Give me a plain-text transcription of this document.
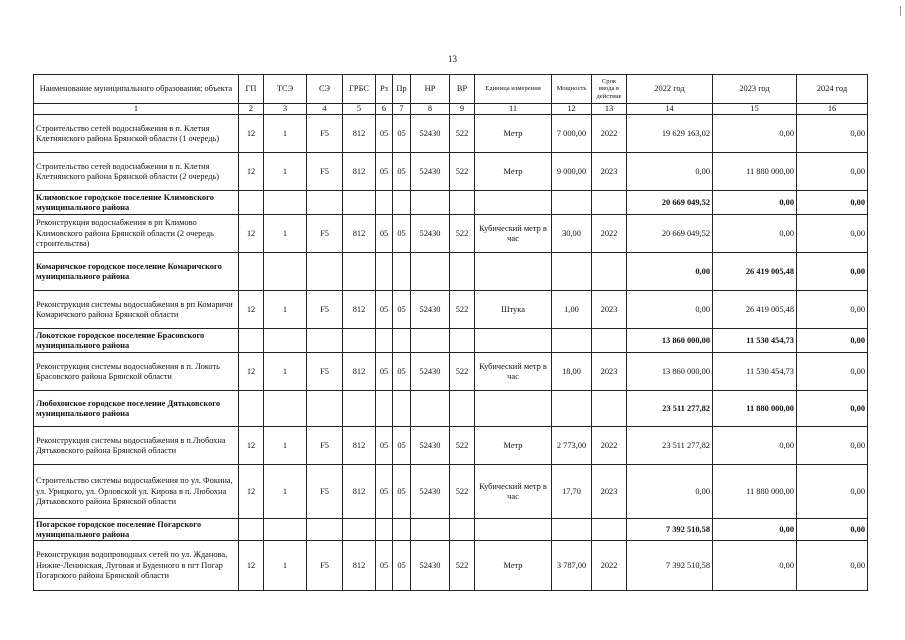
13
Наименование муниципального образования; объекта	ГП	ТСЭ	СЭ	ГРБС	Рз	Пр	НР	ВР	Единица измерения	Мощность	Срок ввода в действие	2022 год	2023 год	2024 год
1	2	3	4	5	6	7	8	9	11	12	13	14	15	16
Строительство сетей водоснабжения в п. Клетня Клетнянского района Брянской области (1 очередь)	12	1	F5	812	05	05	52430	522	Метр	7 000,00	2022	19 629 163,02	0,00	0,00
Строительство сетей водоснабжения в п. Клетня Клетнянского района Брянской области (2 очередь)	12	1	F5	812	05	05	52430	522	Метр	9 000,00	2023	0,00	11 880 000,00	0,00
Климовское городское поселение Климовского муниципального района												20 669 049,52	0,00	0,00
Реконструкция водоснабжения в рп Климово Климовского района Брянской области (2 очередь строительства)	12	1	F5	812	05	05	52430	522	Кубический метр в час	30,00	2022	20 669 049,52	0,00	0,00
Комаричское городское поселение Комаричского муниципального района												0,00	26 419 005,48	0,00
Реконструкция системы водоснабжения в рп Комаричи Комаричского района Брянской области	12	1	F5	812	05	05	52430	522	Штука	1,00	2023	0,00	26 419 005,48	0,00
Локотское городское поселение Брасовского муниципального района												13 860 000,00	11 530 454,73	0,00
Реконструкция системы водоснабжения в п. Локоть Брасовского района Брянской области	12	1	F5	812	05	05	52430	522	Кубический метр в час	18,00	2023	13 860 000,00	11 530 454,73	0,00
Любохонское городское поселение Дятьковского муниципального района												23 511 277,82	11 880 000,00	0,00
Реконструкция системы водоснабжения в п.Любохна Дятьковского района Брянской области	12	1	F5	812	05	05	52430	522	Метр	2 773,00	2022	23 511 277,82	0,00	0,00
Строительство системы водоснабжения по ул. Фокина, ул. Урицкого, ул. Орловской ул. Кирова в п. Любохна Дятьковского района Брянской области	12	1	F5	812	05	05	52430	522	Кубический метр в час	17,70	2023	0,00	11 880 000,00	0,00
Погарское городское поселение Погарского муниципального района												7 392 510,58	0,00	0,00
Реконструкция водопроводных сетей по ул. Жданова, Нижне-Ленинская, Луговая и Буденного в пгт Погар Погарского района Брянской области	12	1	F5	812	05	05	52430	522	Метр	3 787,00	2022	7 392 510,58	0,00	0,00
